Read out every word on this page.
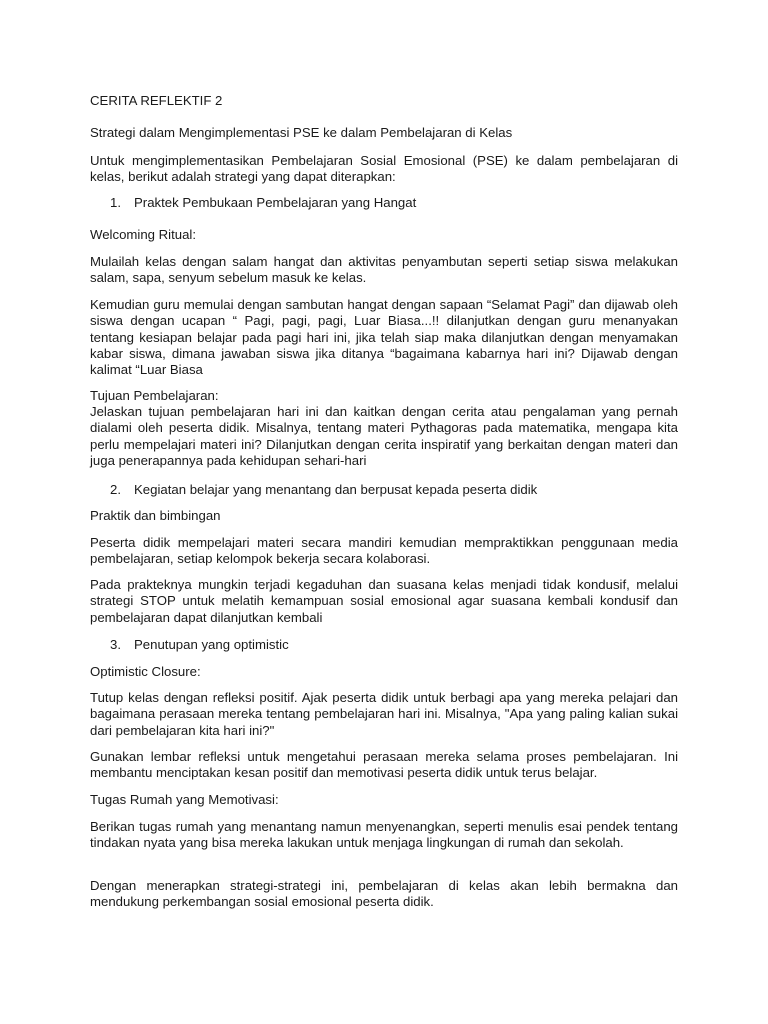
CERITA REFLEKTIF 2
Strategi dalam Mengimplementasi PSE ke dalam Pembelajaran di Kelas
Untuk mengimplementasikan Pembelajaran Sosial Emosional (PSE) ke dalam pembelajaran di kelas, berikut adalah strategi yang dapat diterapkan:
1. Praktek Pembukaan Pembelajaran yang Hangat
Welcoming Ritual:
Mulailah kelas dengan salam hangat dan aktivitas penyambutan seperti setiap siswa melakukan salam, sapa, senyum sebelum masuk ke kelas.
Kemudian guru memulai dengan sambutan hangat dengan sapaan “Selamat Pagi” dan dijawab oleh siswa dengan ucapan “ Pagi, pagi, pagi, Luar Biasa...!! dilanjutkan dengan guru menanyakan tentang kesiapan belajar pada pagi hari ini, jika telah siap maka dilanjutkan dengan menyamakan kabar siswa, dimana jawaban siswa jika ditanya “bagaimana kabarnya hari ini? Dijawab dengan kalimat “Luar Biasa
Tujuan Pembelajaran:
Jelaskan tujuan pembelajaran hari ini dan kaitkan dengan cerita atau pengalaman yang pernah dialami oleh peserta didik. Misalnya, tentang materi Pythagoras pada matematika, mengapa kita perlu mempelajari materi ini? Dilanjutkan dengan cerita inspiratif yang berkaitan dengan materi dan juga penerapannya pada kehidupan sehari-hari
2. Kegiatan belajar yang menantang dan berpusat kepada peserta didik
Praktik dan bimbingan
Peserta didik mempelajari materi secara mandiri kemudian mempraktikkan penggunaan media pembelajaran, setiap kelompok bekerja secara kolaborasi.
Pada prakteknya mungkin terjadi kegaduhan dan suasana kelas menjadi tidak kondusif, melalui strategi STOP untuk melatih kemampuan sosial emosional agar suasana kembali kondusif dan pembelajaran dapat dilanjutkan kembali
3. Penutupan yang optimistic
Optimistic Closure:
Tutup kelas dengan refleksi positif. Ajak peserta didik untuk berbagi apa yang mereka pelajari dan bagaimana perasaan mereka tentang pembelajaran hari ini. Misalnya, "Apa yang paling kalian sukai dari pembelajaran kita hari ini?"
Gunakan lembar refleksi untuk mengetahui perasaan mereka selama proses pembelajaran. Ini membantu menciptakan kesan positif dan memotivasi peserta didik untuk terus belajar.
Tugas Rumah yang Memotivasi:
Berikan tugas rumah yang menantang namun menyenangkan, seperti menulis esai pendek tentang tindakan nyata yang bisa mereka lakukan untuk menjaga lingkungan di rumah dan sekolah.
Dengan menerapkan strategi-strategi ini, pembelajaran di kelas akan lebih bermakna dan mendukung perkembangan sosial emosional peserta didik.
